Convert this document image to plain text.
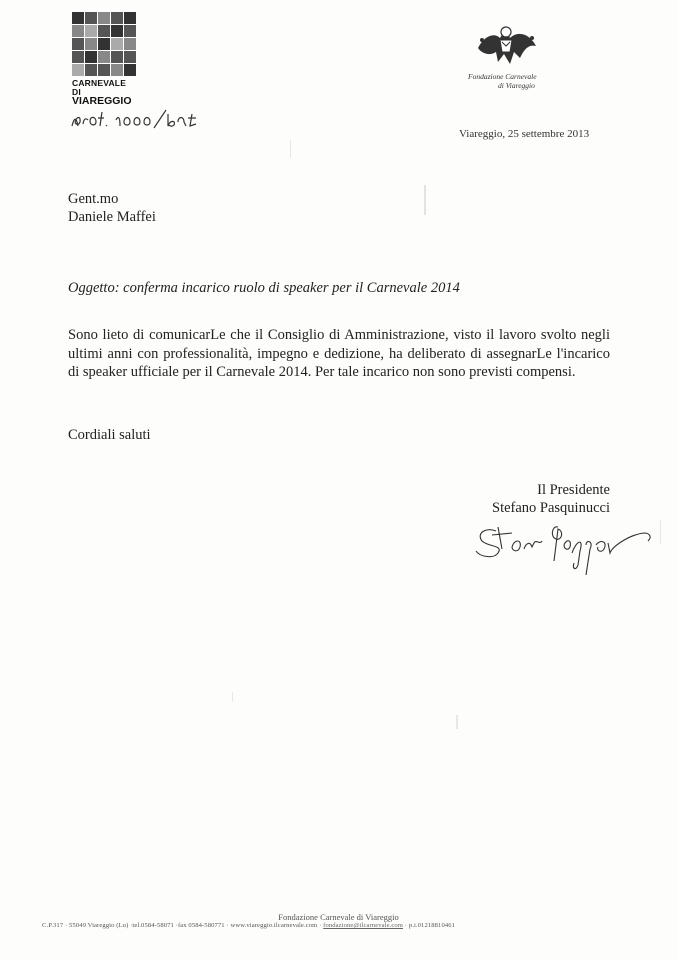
CARNEVALE DI
VIAREGGIO

Fondazione Carnevale
di Viareggio
Viareggio, 25 settembre 2013
Gent.mo
Daniele Maffei
Oggetto: conferma incarico ruolo di speaker per il Carnevale 2014
Sono lieto di comunicarLe che il Consiglio di Amministrazione, visto il lavoro svolto negli ultimi anni con professionalità, impegno e dedizione, ha deliberato di assegnarLe l'incarico di speaker ufficiale per il Carnevale 2014. Per tale incarico non sono previsti compensi.
Cordiali saluti
Il Presidente
Stefano Pasquinucci
Fondazione Carnevale di Viareggio
C.P.317 · 55049 Viareggio (Lu) ·tel.0584-58071 ·fax 0584-580771 · www.viareggio.ilcarnevale.com · fondazione@ilcarnevale.com · p.i.01218810461
